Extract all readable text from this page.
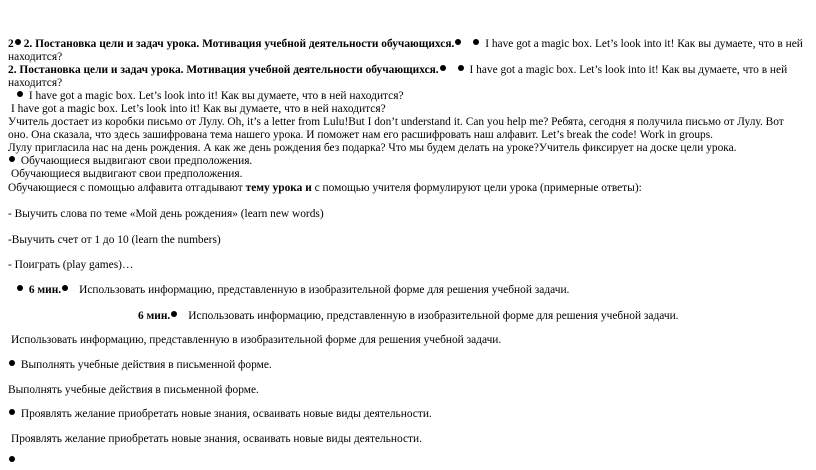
2 2. Постановка цели и задач урока. Мотивация учебной деятельности обучающихся.	I have got a magic box. Let’s look into it! Как вы думаете, что в ней
находится?
2. Постановка цели и задач урока. Мотивация учебной деятельности обучающихся.	I have got a magic box. Let’s look into it! Как вы думаете, что в ней
находится?
I have got a magic box. Let’s look into it! Как вы думаете, что в ней находится?
I have got a magic box. Let’s look into it! Как вы думаете, что в ней находится?
Учитель достает из коробки письмо от Лулу. Oh, it’s a letter from Lulu!But I don’t understand it. Can you help me? Ребята, сегодня я получила письмо от Лулу. Вот
оно. Она сказала, что здесь зашифрована тема нашего урока. И поможет нам его расшифровать наш алфавит. Let’s break the code! Work in groups.
Лулу пригласила нас на день рождения. А как же день рождения без подарка? Что мы будем делать на уроке?Учитель фиксирует на доске цели урока.
Обучающиеся выдвигают свои предположения.
Обучающиеся выдвигают свои предположения.
Обучающиеся с помощью алфавита отгадывают тему урока и с помощью учителя формулируют цели урока (примерные ответы):
- Выучить слова по теме «Мой день рождения» (learn new words)
-Выучить счет от 1 до 10 (learn the numbers)
- Поиграть (play games)…
6 мин. Использовать информацию, представленную в изобразительной форме для решения учебной задачи.
6 мин. Использовать информацию, представленную в изобразительной форме для решения учебной задачи.
Использовать информацию, представленную в изобразительной форме для решения учебной задачи.
Выполнять учебные действия в письменной форме.
Выполнять учебные действия в письменной форме.
Проявлять желание приобретать новые знания, осваивать новые виды деятельности.
Проявлять желание приобретать новые знания, осваивать новые виды деятельности.
